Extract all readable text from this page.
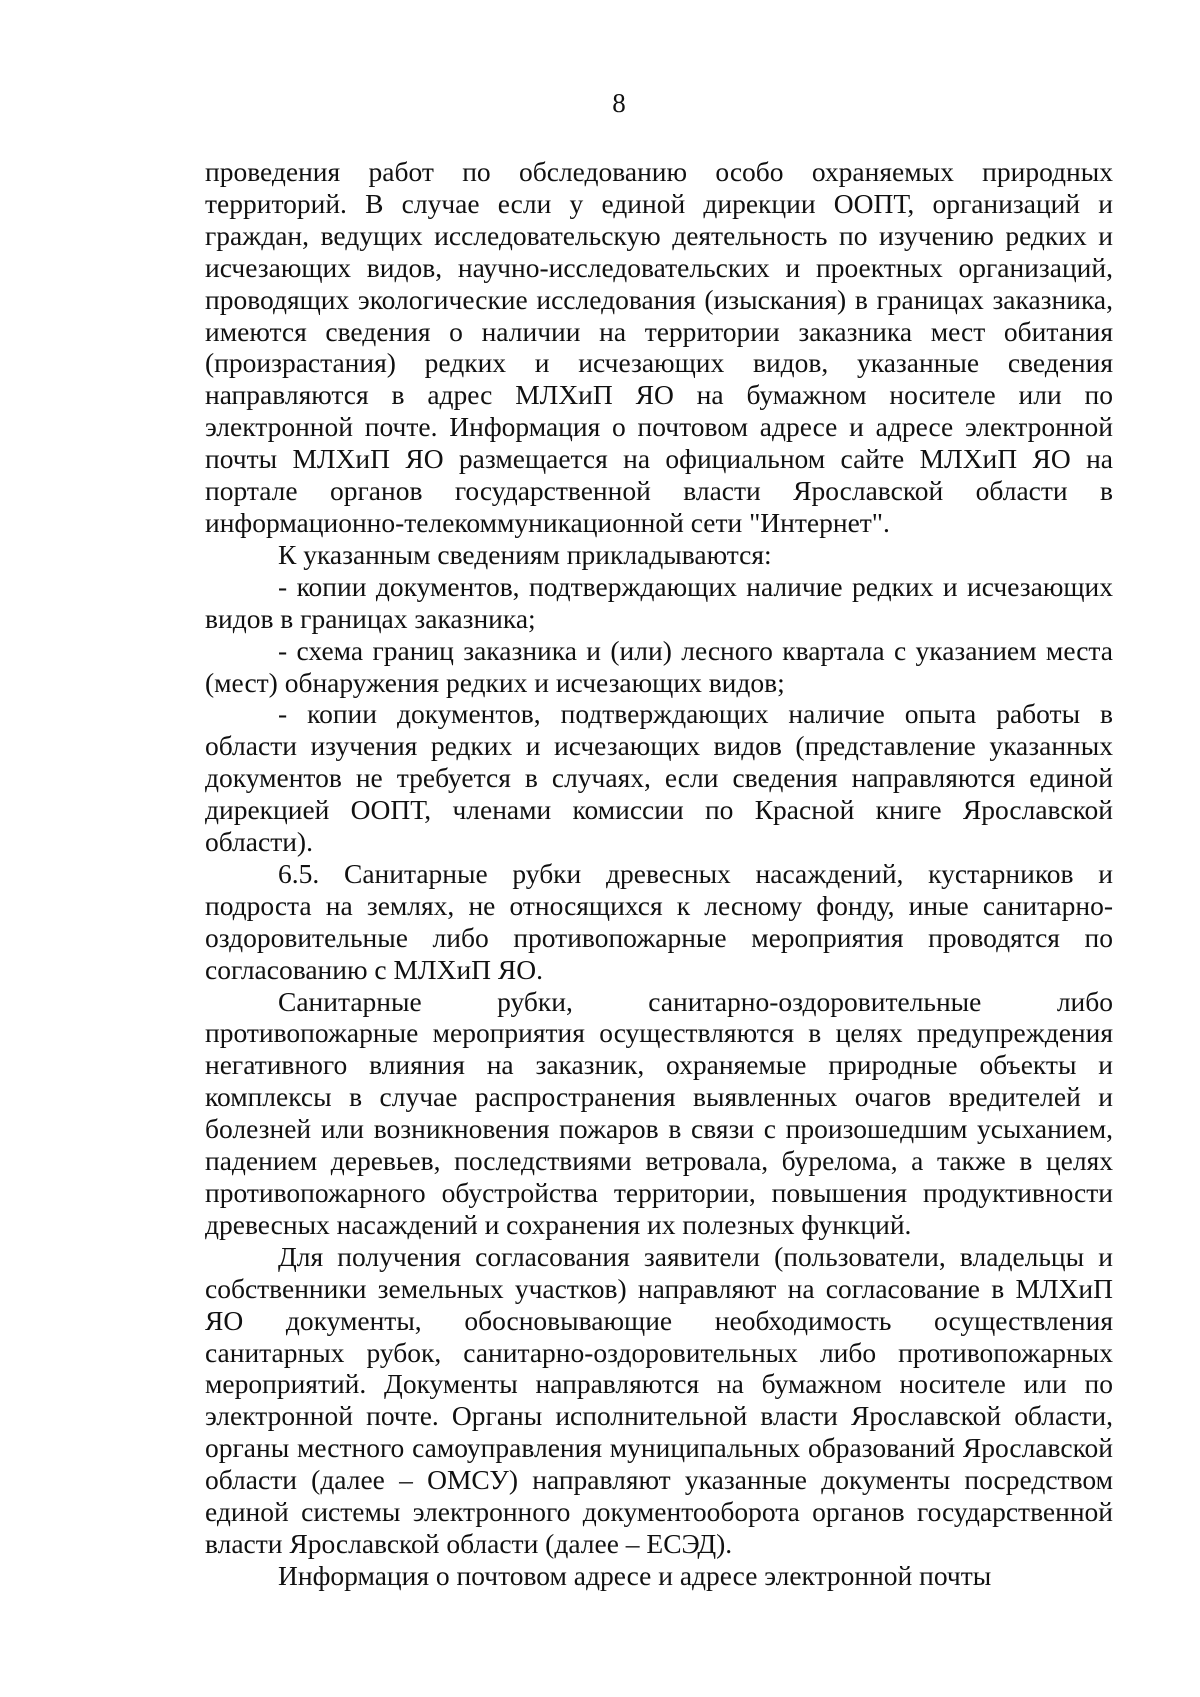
8

проведения работ по обследованию особо охраняемых природных территорий. В случае если у единой дирекции ООПТ, организаций и граждан, ведущих исследовательскую деятельность по изучению редких и исчезающих видов, научно-исследовательских и проектных организаций, проводящих экологические исследования (изыскания) в границах заказника, имеются сведения о наличии на территории заказника мест обитания (произрастания) редких и исчезающих видов, указанные сведения направляются в адрес МЛХиП ЯО на бумажном носителе или по электронной почте. Информация о почтовом адресе и адресе электронной почты МЛХиП ЯО размещается на официальном сайте МЛХиП ЯО на портале органов государственной власти Ярославской области в информационно-телекоммуникационной сети "Интернет".

К указанным сведениям прикладываются:

- копии документов, подтверждающих наличие редких и исчезающих видов в границах заказника;

- схема границ заказника и (или) лесного квартала с указанием места (мест) обнаружения редких и исчезающих видов;

- копии документов, подтверждающих наличие опыта работы в области изучения редких и исчезающих видов (представление указанных документов не требуется в случаях, если сведения направляются единой дирекцией ООПТ, членами комиссии по Красной книге Ярославской области).

6.5. Санитарные рубки древесных насаждений, кустарников и подроста на землях, не относящихся к лесному фонду, иные санитарно-оздоровительные либо противопожарные мероприятия проводятся по согласованию с МЛХиП ЯО.

Санитарные рубки, санитарно-оздоровительные либо противопожарные мероприятия осуществляются в целях предупреждения негативного влияния на заказник, охраняемые природные объекты и комплексы в случае распространения выявленных очагов вредителей и болезней или возникновения пожаров в связи с произошедшим усыханием, падением деревьев, последствиями ветровала, бурелома, а также в целях противопожарного обустройства территории, повышения продуктивности древесных насаждений и сохранения их полезных функций.

Для получения согласования заявители (пользователи, владельцы и собственники земельных участков) направляют на согласование в МЛХиП ЯО документы, обосновывающие необходимость осуществления санитарных рубок, санитарно-оздоровительных либо противопожарных мероприятий. Документы направляются на бумажном носителе или по электронной почте. Органы исполнительной власти Ярославской области, органы местного самоуправления муниципальных образований Ярославской области (далее – ОМСУ) направляют указанные документы посредством единой системы электронного документооборота органов государственной власти Ярославской области (далее – ЕСЭД).

Информация о почтовом адресе и адресе электронной почты
